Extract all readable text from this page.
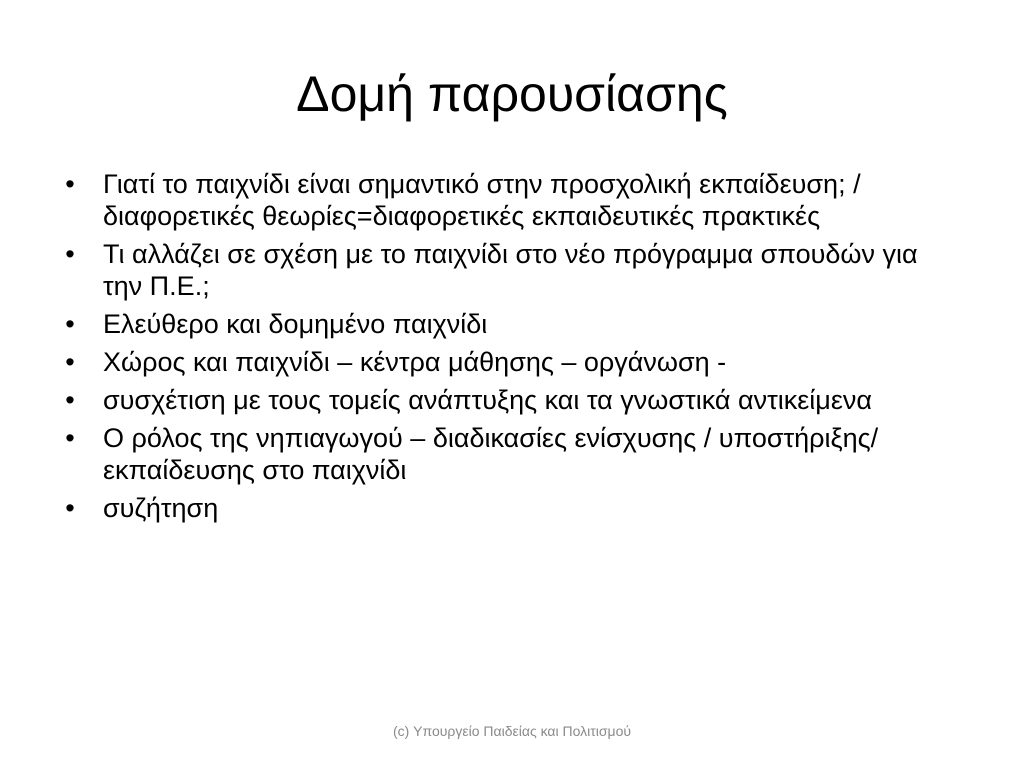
Δομή παρουσίασης
• Γιατί το παιχνίδι είναι σημαντικό στην προσχολική εκπαίδευση; /διαφορετικές θεωρίες=διαφορετικές εκπαιδευτικές πρακτικές
• Τι αλλάζει σε σχέση με το παιχνίδι στο νέο πρόγραμμα σπουδών για την Π.Ε.;
• Ελεύθερο και δομημένο παιχνίδι
• Χώρος και παιχνίδι – κέντρα μάθησης – οργάνωση -
• συσχέτιση με τους τομείς ανάπτυξης και τα γνωστικά αντικείμενα
• Ο ρόλος της νηπιαγωγού – διαδικασίες ενίσχυσης / υποστήριξης/ εκπαίδευσης στο παιχνίδι
• συζήτηση
(c) Υπουργείο Παιδείας και Πολιτισμού
